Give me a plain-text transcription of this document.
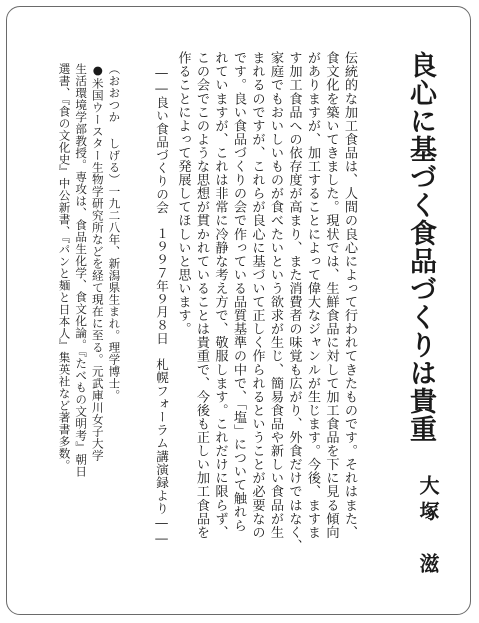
良心に基づく食品づくりは貴重
大塚　滋
伝統的な加工食品は、人間の良心によって行われてきたものです。それはまた、
食文化を築いてきました。現状では、生鮮食品に対して加工食品を下に見る傾向
がありますが、加工することによって偉大なジャンルが生じます。今後、ますま
す加工食品への依存度が高まり、また消費者の味覚も広がり、外食だけではなく、
家庭でもおいしいものが食べたいという欲求が生じ、簡易食品や新しい食品が生
まれるのですが、これらが良心に基づいて正しく作られるということが必要なの
です。良い食品づくりの会で作っている品質基準の中で、「塩」について触れら
れていますが、これは非常に冷静な考え方で、敬服します。これだけに限らず、
この会でこのような思想が貫かれていることは貴重で、今後も正しい加工食品を
作ることによって発展してほしいと思います。
――良い食品づくりの会　１９９７年９月８日　札幌フォーラム講演録より――
（おおつか しげる）一九二八年、新潟県生まれ。理学博士。
●米国ウースター生物学研究所などを経て現在に至る。元武庫川女子大学
生活環境学部教授。専攻は、食品生化学、食文化論。『たべもの文明考』朝日
選書、『食の文化史』中公新書、『パンと麺と日本人』集英社など著書多数。
